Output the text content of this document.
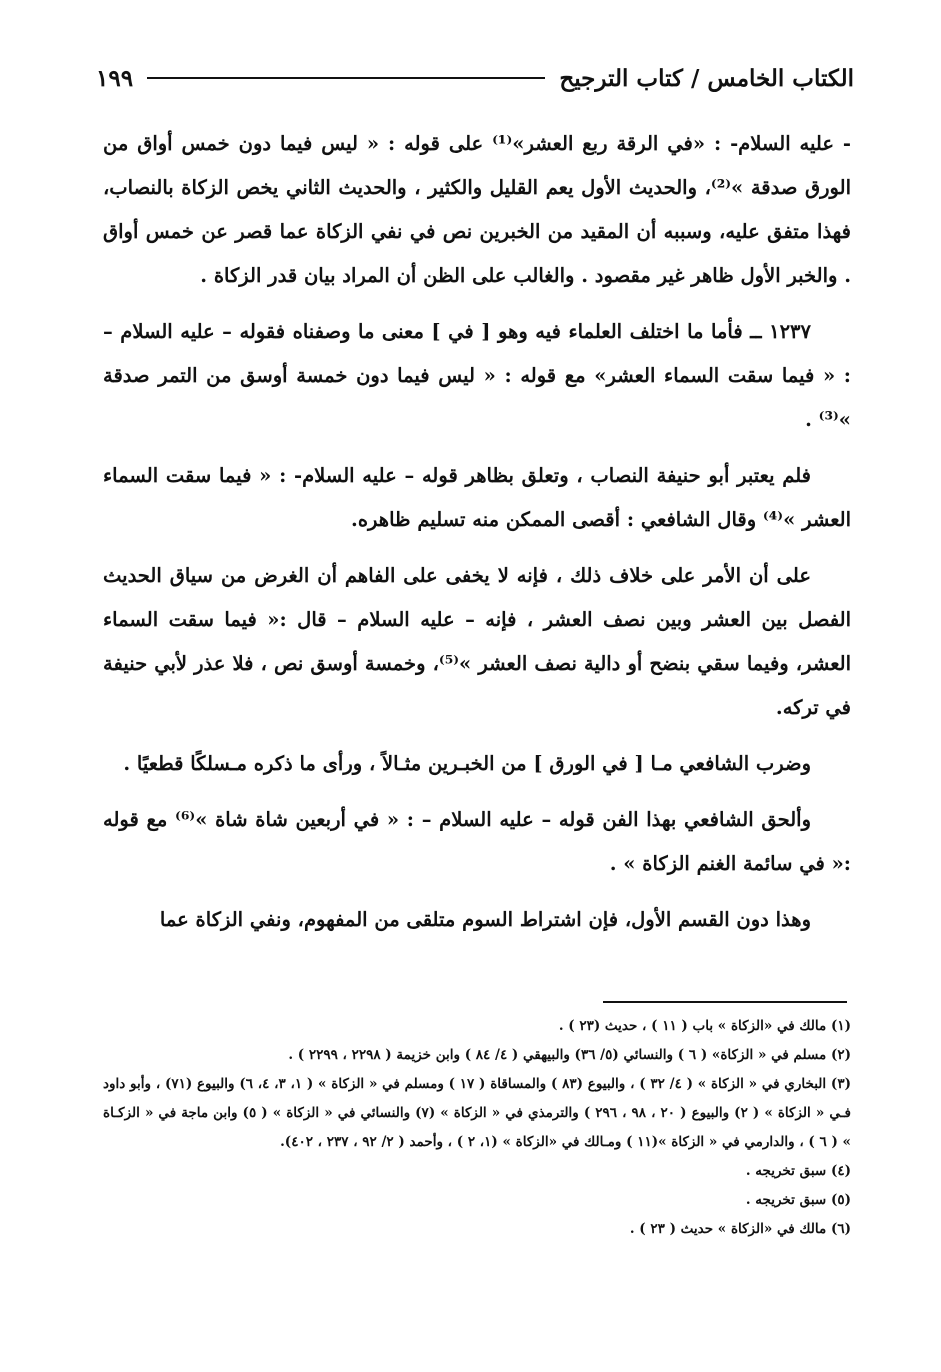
١٩٩	الكتاب الخامس / كتاب الترجيح

- عليه السلام- : «في الرقة ربع العشر»⁽¹⁾ على قوله : « ليس فيما دون خمس أواق من الورق صدقة »⁽²⁾، والحديث الأول يعم القليل والكثير ، والحديث الثاني يخص الزكاة بالنصاب، فهذا متفق عليه، وسببه أن المقيد من الخبرين نص في نفي الزكاة عما قصر عن خمس أواق . والخبر الأول ظاهر غير مقصود . والغالب على الظن أن المراد بيان قدر الزكاة .

١٢٣٧ ــ فأما ما اختلف العلماء فيه وهو [ في ] معنى ما وصفناه فقوله – عليه السلام – : « فيما سقت السماء العشر» مع قوله : « ليس فيما دون خمسة أوسق من التمر صدقة »⁽³⁾ .

فلم يعتبر أبو حنيفة النصاب ، وتعلق بظاهر قوله – عليه السلام- : « فيما سقت السماء العشر »⁽⁴⁾ وقال الشافعي : أقصى الممكن منه تسليم ظاهره.

على أن الأمر على خلاف ذلك ، فإنه لا يخفى على الفاهم أن الغرض من سياق الحديث الفصل بين العشر وبين نصف العشر ، فإنه – عليه السلام – قال :« فيما سقت السماء العشر، وفيما سقي بنضح أو دالية نصف العشر »⁽⁵⁾، وخمسة أوسق نص ، فلا عذر لأبي حنيفة في تركه.

وضرب الشافعي مـا [ في الورق ] من الخبـرين مثـالاً ، ورأى ما ذكره مـسلكًا قطعيًا .

وألحق الشافعي بهذا الفن قوله – عليه السلام – : « في أربعين شاة شاة »⁽⁶⁾ مع قوله :« في سائمة الغنم الزكاة » .

وهذا دون القسم الأول، فإن اشتراط السوم متلقى من المفهوم، ونفي الزكاة عما

(١) مالك في «الزكاة » باب ( ١١ ) ، حديث (٢٣ ) .

(٢) مسلم في « الزكاة» ( ٦ ) والنسائي (٥/ ٣٦) والبيهقي ( ٤/ ٨٤ ) وابن خزيمة ( ٢٢٩٨ ، ٢٢٩٩ ) .

(٣) البخاري في « الزكاة » ( ٤/ ٣٢ ) ، والبيوع (٨٣ ) والمساقاة ( ١٧ ) ومسلم في « الزكاة » ( ١، ٣، ٤، ٦) والبيوع (٧١) ، وأبو داود فـي « الزكاة » ( ٢) والبيوع ( ٢٠ ، ٩٨ ، ٢٩٦ ) والترمذي في « الزكاة » (٧) والنسائي في « الزكاة » ( ٥) وابن ماجة في « الزكـاة » ( ٦ ) ، والدارمي في « الزكاة »(١١ ) ومـالك في «الزكاة » (١، ٢ ) ، وأحمد ( ٢/ ٩٢ ، ٢٣٧ ، ٤٠٢).

(٤) سبق تخريجه .

(٥) سبق تخريجه .

(٦) مالك في «الزكاة » حديث ( ٢٣ ) .
